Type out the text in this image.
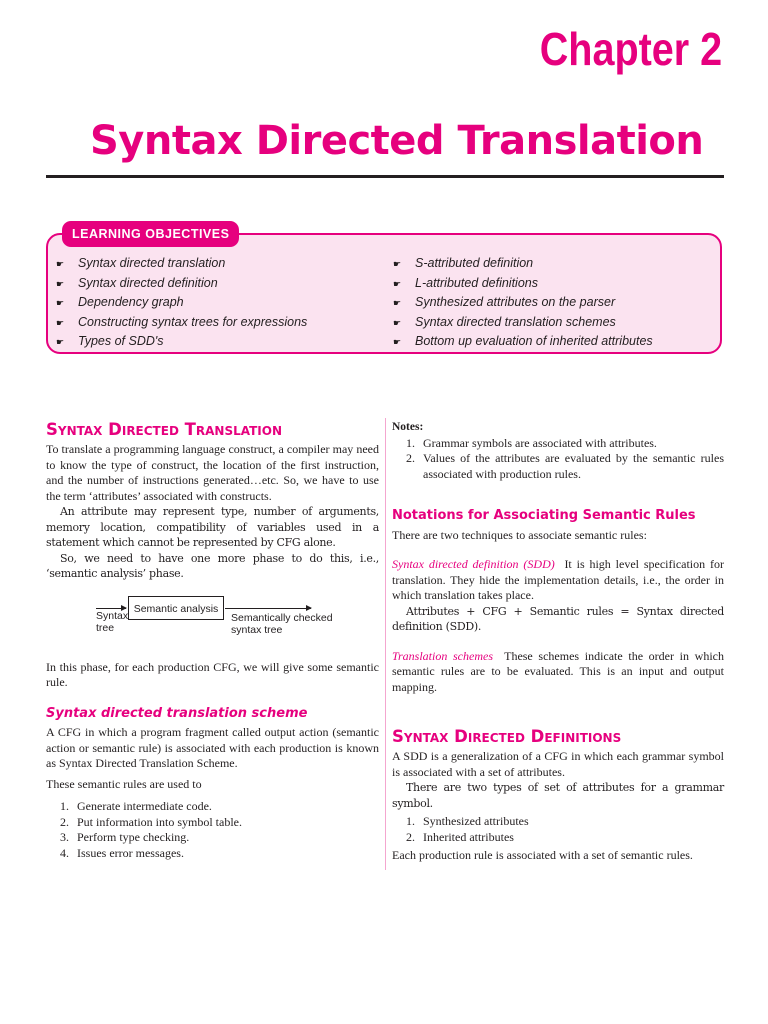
Chapter 2
Syntax Directed Translation
LEARNING OBJECTIVES
☛ Syntax directed translation
☛ Syntax directed definition
☛ Dependency graph
☛ Constructing syntax trees for expressions
☛ Types of SDD's
☛ S-attributed definition
☛ L-attributed definitions
☛ Synthesized attributes on the parser
☛ Syntax directed translation schemes
☛ Bottom up evaluation of inherited attributes
Syntax Directed Translation

To translate a programming language construct, a compiler may need to know the type of construct, the location of the first instruction, and the number of instructions generated…etc. So, we have to use the term ‘attributes’ associated with constructs.

An attribute may represent type, number of arguments, memory location, compatibility of variables used in a statement which cannot be represented by CFG alone.

So, we need to have one more phase to do this, i.e., ‘semantic analysis’ phase.

Syntax
tree
Semantic analysis
Semantically checked
syntax tree

In this phase, for each production CFG, we will give some semantic rule.

Syntax directed translation scheme

A CFG in which a program fragment called output action (semantic action or semantic rule) is associated with each production is known as Syntax Directed Translation Scheme.

These semantic rules are used to

1. Generate intermediate code.
2. Put information into symbol table.
3. Perform type checking.
4. Issues error messages.

Notes:

1. Grammar symbols are associated with attributes.
2. Values of the attributes are evaluated by the semantic rules associated with production rules.
Notations for Associating Semantic Rules

There are two techniques to associate semantic rules:

Syntax directed definition (SDD) It is high level specification for translation. They hide the implementation details, i.e., the order in which translation takes place.

Attributes + CFG + Semantic rules = Syntax directed definition (SDD).

Translation schemes These schemes indicate the order in which semantic rules are to be evaluated. This is an input and output mapping.

Syntax Directed Definitions

A SDD is a generalization of a CFG in which each grammar symbol is associated with a set of attributes.

There are two types of set of attributes for a grammar symbol.

1. Synthesized attributes
2. Inherited attributes

Each production rule is associated with a set of semantic rules.
